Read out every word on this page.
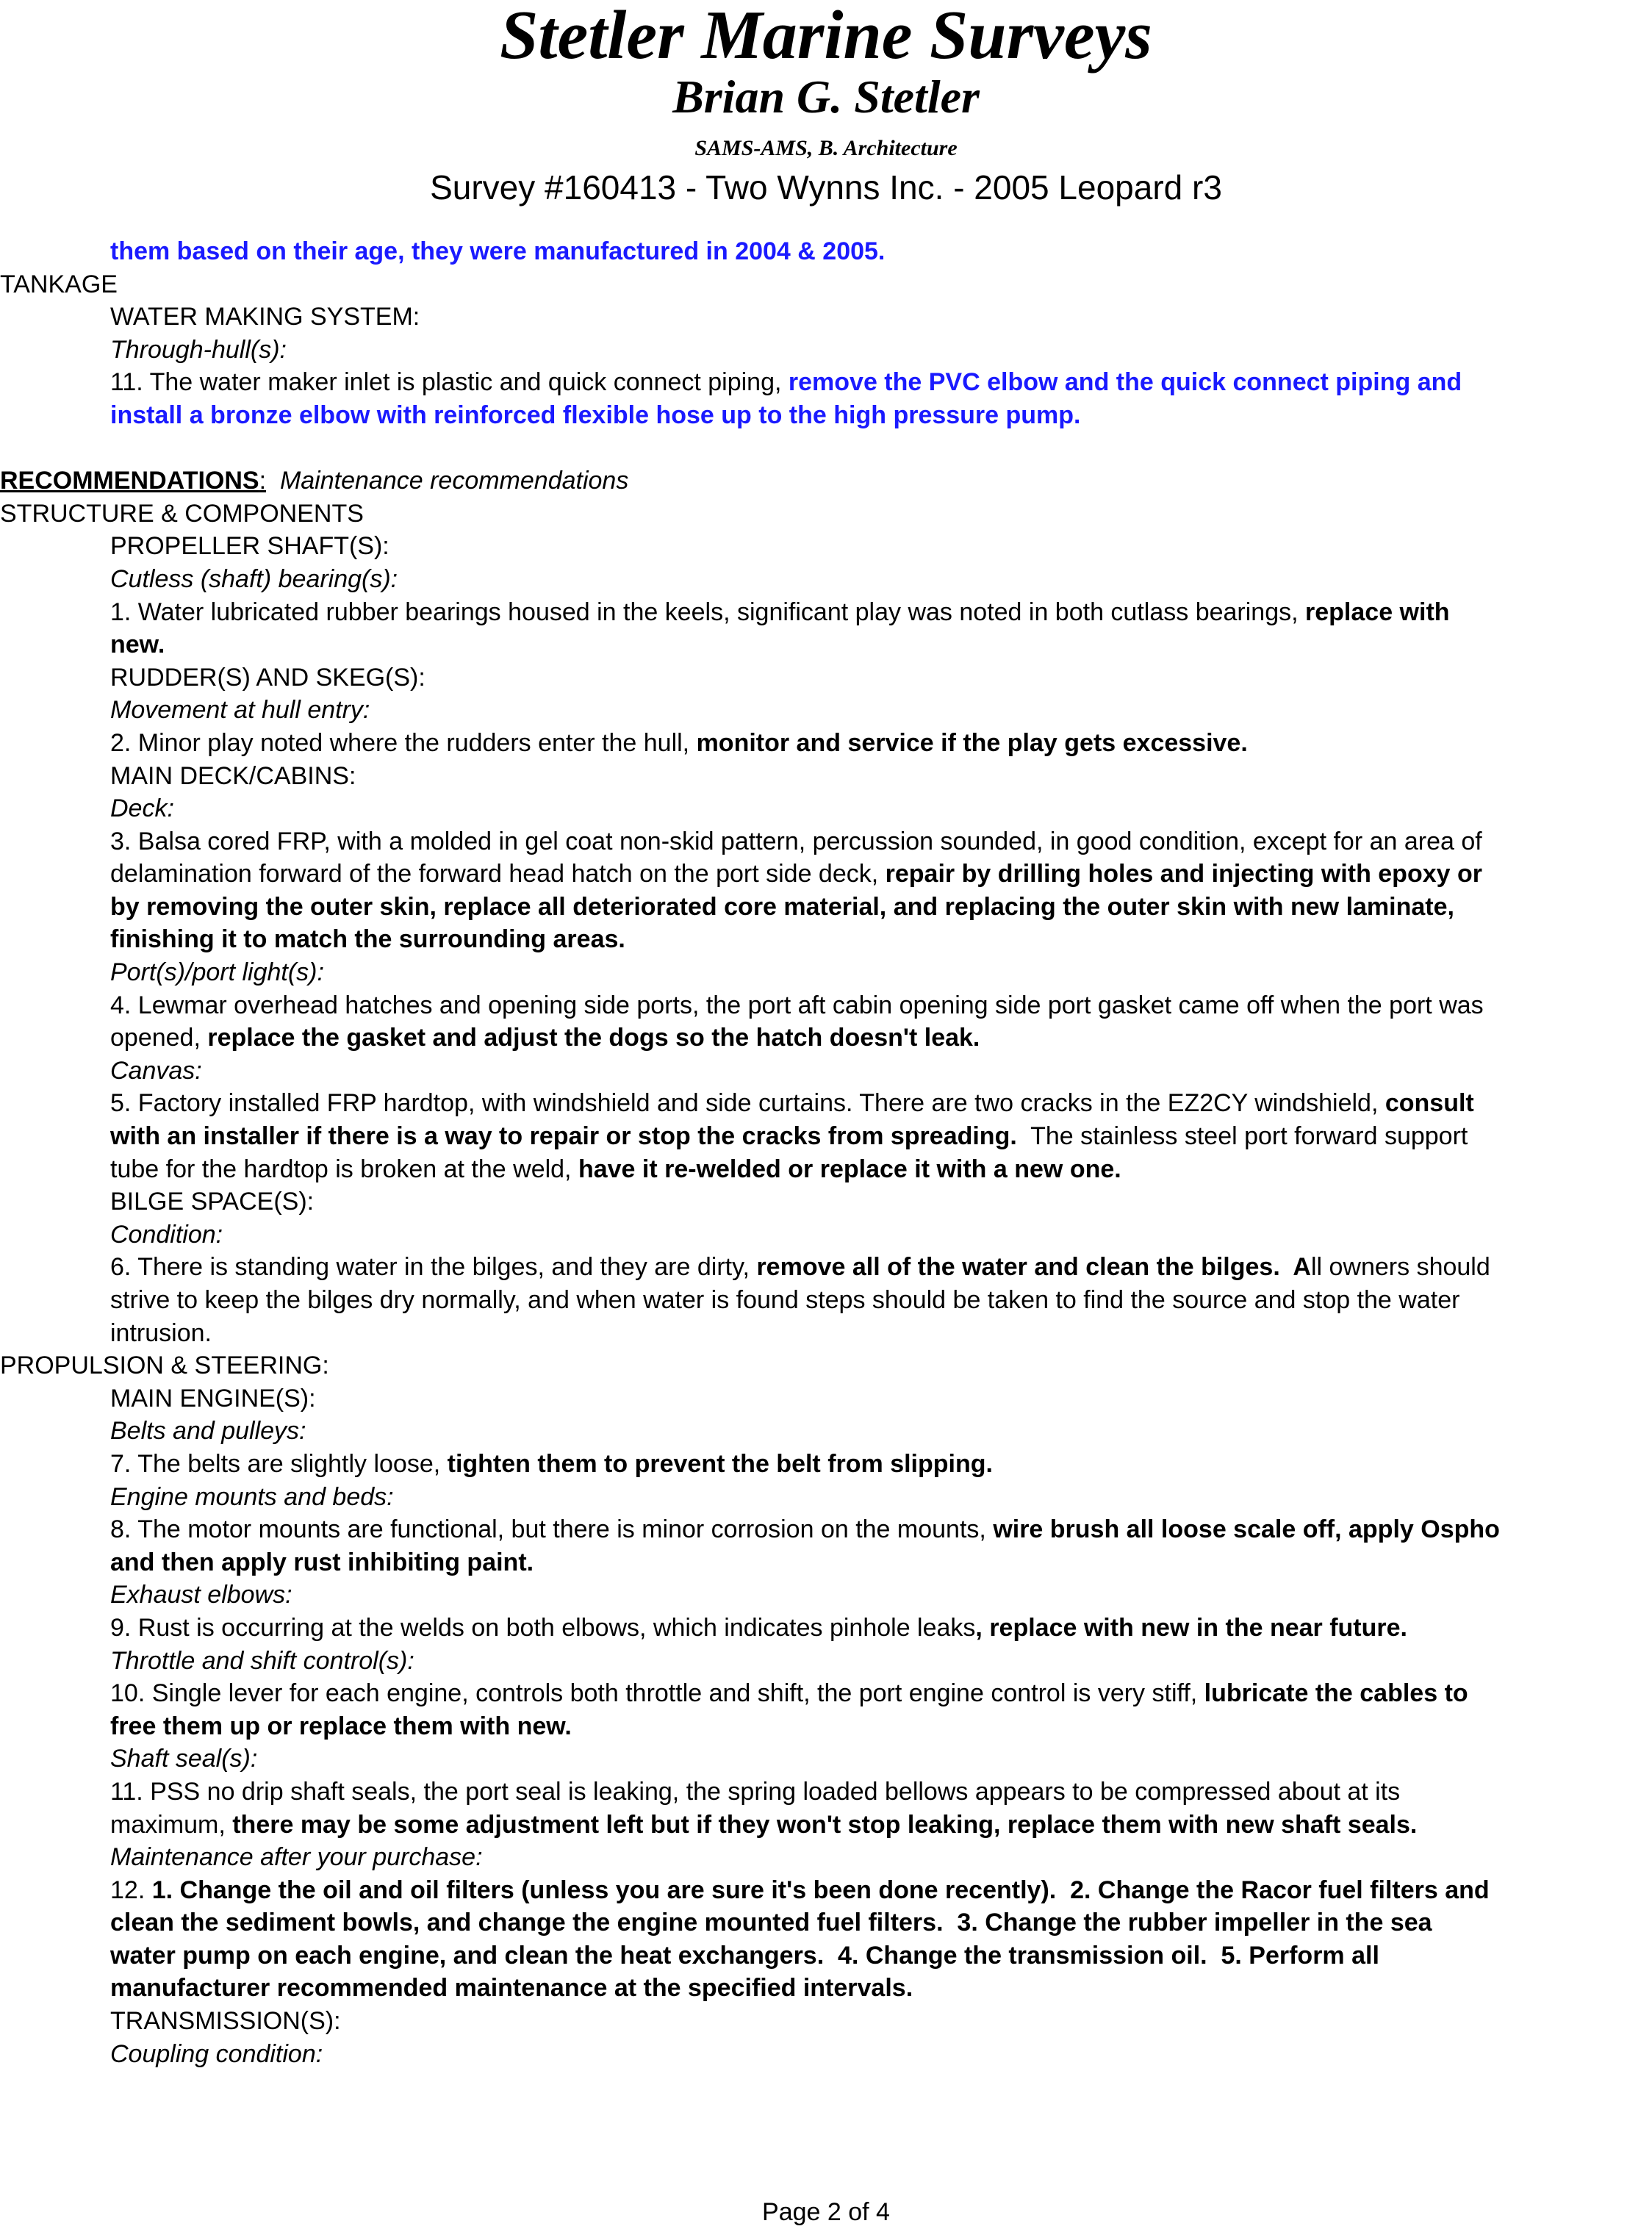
Stetler Marine Surveys
Brian G. Stetler
SAMS-AMS, B. Architecture
Survey #160413 - Two Wynns Inc. - 2005 Leopard r3
them based on their age, they were manufactured in 2004 & 2005.
TANKAGE
WATER MAKING SYSTEM:
Through-hull(s):
11. The water maker inlet is plastic and quick connect piping, remove the PVC elbow and the quick connect piping and
install a bronze elbow with reinforced flexible hose up to the high pressure pump.
RECOMMENDATIONS: Maintenance recommendations
STRUCTURE & COMPONENTS
PROPELLER SHAFT(S):
Cutless (shaft) bearing(s):
1. Water lubricated rubber bearings housed in the keels, significant play was noted in both cutlass bearings, replace with
new.
RUDDER(S) AND SKEG(S):
Movement at hull entry:
2. Minor play noted where the rudders enter the hull, monitor and service if the play gets excessive.
MAIN DECK/CABINS:
Deck:
3. Balsa cored FRP, with a molded in gel coat non-skid pattern, percussion sounded, in good condition, except for an area of
delamination forward of the forward head hatch on the port side deck, repair by drilling holes and injecting with epoxy or
by removing the outer skin, replace all deteriorated core material, and replacing the outer skin with new laminate,
finishing it to match the surrounding areas.
Port(s)/port light(s):
4. Lewmar overhead hatches and opening side ports, the port aft cabin opening side port gasket came off when the port was
opened, replace the gasket and adjust the dogs so the hatch doesn't leak.
Canvas:
5. Factory installed FRP hardtop, with windshield and side curtains. There are two cracks in the EZ2CY windshield, consult
with an installer if there is a way to repair or stop the cracks from spreading.  The stainless steel port forward support
tube for the hardtop is broken at the weld, have it re-welded or replace it with a new one.
BILGE SPACE(S):
Condition:
6. There is standing water in the bilges, and they are dirty, remove all of the water and clean the bilges.  All owners should
strive to keep the bilges dry normally, and when water is found steps should be taken to find the source and stop the water
intrusion.
PROPULSION & STEERING:
MAIN ENGINE(S):
Belts and pulleys:
7. The belts are slightly loose, tighten them to prevent the belt from slipping.
Engine mounts and beds:
8. The motor mounts are functional, but there is minor corrosion on the mounts, wire brush all loose scale off, apply Ospho
and then apply rust inhibiting paint.
Exhaust elbows:
9. Rust is occurring at the welds on both elbows, which indicates pinhole leaks, replace with new in the near future.
Throttle and shift control(s):
10. Single lever for each engine, controls both throttle and shift, the port engine control is very stiff, lubricate the cables to
free them up or replace them with new.
Shaft seal(s):
11. PSS no drip shaft seals, the port seal is leaking, the spring loaded bellows appears to be compressed about at its
maximum, there may be some adjustment left but if they won't stop leaking, replace them with new shaft seals.
Maintenance after your purchase:
12. 1. Change the oil and oil filters (unless you are sure it's been done recently).  2. Change the Racor fuel filters and
clean the sediment bowls, and change the engine mounted fuel filters.  3. Change the rubber impeller in the sea
water pump on each engine, and clean the heat exchangers.  4. Change the transmission oil.  5. Perform all
manufacturer recommended maintenance at the specified intervals.
TRANSMISSION(S):
Coupling condition:
Page 2 of 4
